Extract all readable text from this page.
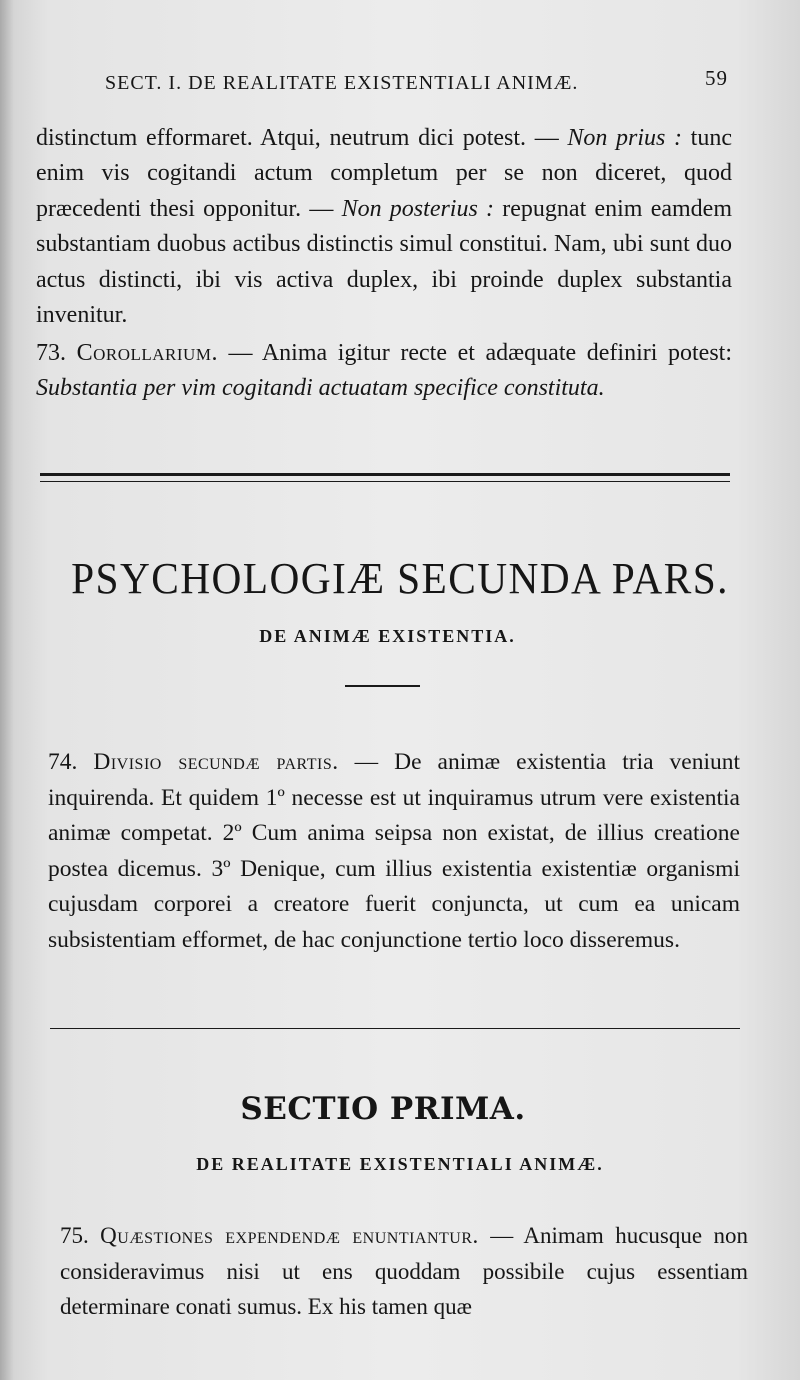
SECT. I. DE REALITATE EXISTENTIALI ANIMÆ.	59
distinctum efformaret. Atqui, neutrum dici potest. — Non prius : tunc enim vis cogitandi actum completum per se non diceret, quod præcedenti thesi opponitur. — Non posterius : repugnat enim eamdem substantiam duobus actibus distinctis simul constitui. Nam, ubi sunt duo actus distincti, ibi vis activa duplex, ibi proinde duplex substantia invenitur.
73. Corollarium. — Anima igitur recte et adæquate definiri potest: Substantia per vim cogitandi actuatam specifice constituta.
PSYCHOLOGIÆ SECUNDA PARS.
DE ANIMÆ EXISTENTIA.
74. Divisio secundæ partis. — De animæ existentia tria veniunt inquirenda. Et quidem 1º necesse est ut inquiramus utrum vere existentia animæ competat. 2º Cum anima seipsa non existat, de illius creatione postea dicemus. 3º Denique, cum illius existentia existentiæ organismi cujusdam corporei a creatore fuerit conjuncta, ut cum ea unicam subsistentiam efformet, de hac conjunctione tertio loco disseremus.
SECTIO PRIMA.
DE REALITATE EXISTENTIALI ANIMÆ.
75. Quæstiones expendendæ enuntiantur. — Animam hucusque non consideravimus nisi ut ens quoddam possibile cujus essentiam determinare conati sumus. Ex his tamen quæ
